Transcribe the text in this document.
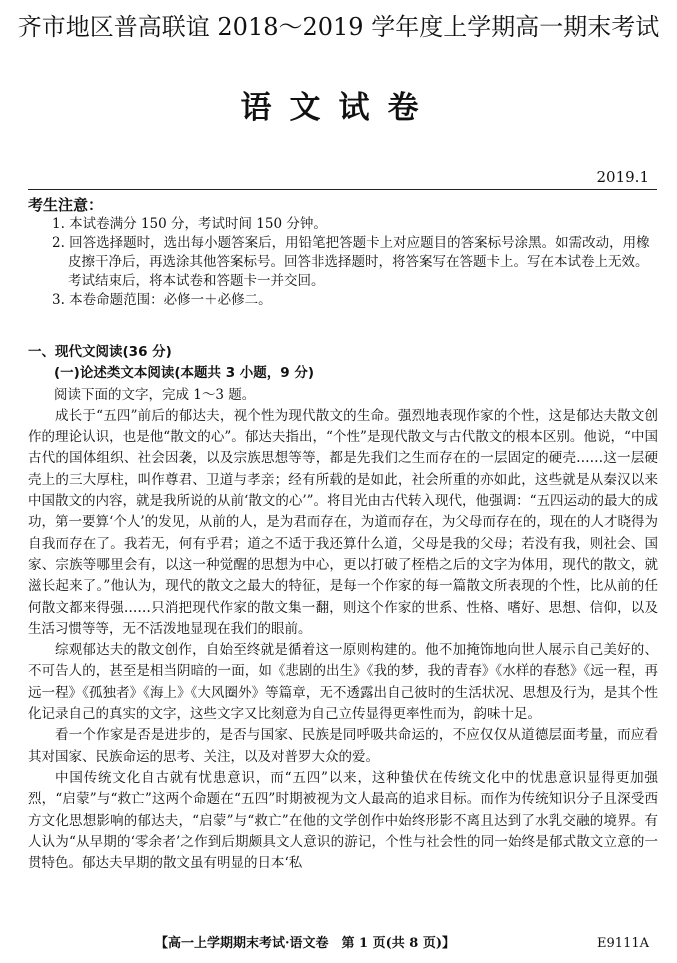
齐市地区普高联谊 2018～2019 学年度上学期高一期末考试
语文试卷
2019.1
考生注意：
1. 本试卷满分 150 分，考试时间 150 分钟。
2. 回答选择题时，选出每小题答案后，用铅笔把答题卡上对应题目的答案标号涂黑。如需改动，用橡皮擦干净后，再选涂其他答案标号。回答非选择题时，将答案写在答题卡上。写在本试卷上无效。考试结束后，将本试卷和答题卡一并交回。
3. 本卷命题范围：必修一＋必修二。
一、现代文阅读(36 分)
(一)论述类文本阅读(本题共 3 小题，9 分)
阅读下面的文字，完成 1～3 题。

成长于“五四”前后的郁达夫，视个性为现代散文的生命。强烈地表现作家的个性，这是郁达夫散文创作的理论认识，也是他“散文的心”。郁达夫指出，“个性”是现代散文与古代散文的根本区别。他说，“中国古代的国体组织、社会因袭，以及宗族思想等等，都是先我们之生而存在的一层固定的硬壳……这一层硬壳上的三大厚柱，叫作尊君、卫道与孝亲；经有所载的是如此，社会所重的亦如此，这些就是从秦汉以来中国散文的内容，就是我所说的从前‘散文的心’”。将目光由古代转入现代，他强调：“五四运动的最大的成功，第一要算‘个人’的发见，从前的人，是为君而存在，为道而存在，为父母而存在的，现在的人才晓得为自我而存在了。我若无，何有乎君；道之不适于我还算什么道，父母是我的父母；若没有我，则社会、国家、宗族等哪里会有，以这一种觉醒的思想为中心，更以打破了桎梏之后的文字为体用，现代的散文，就滋长起来了。”他认为，现代的散文之最大的特征，是每一个作家的每一篇散文所表现的个性，比从前的任何散文都来得强……只消把现代作家的散文集一翻，则这个作家的世系、性格、嗜好、思想、信仰，以及生活习惯等等，无不活泼地显现在我们的眼前。

综观郁达夫的散文创作，自始至终就是循着这一原则构建的。他不加掩饰地向世人展示自己美好的、不可告人的，甚至是相当阴暗的一面，如《悲剧的出生》《我的梦，我的青春》《水样的春愁》《远一程，再远一程》《孤独者》《海上》《大风圈外》等篇章，无不透露出自己彼时的生活状况、思想及行为，是其个性化记录自己的真实的文字，这些文字又比刻意为自己立传显得更率性而为，韵味十足。

看一个作家是否是进步的，是否与国家、民族是同呼吸共命运的，不应仅仅从道德层面考量，而应看其对国家、民族命运的思考、关注，以及对普罗大众的爱。

中国传统文化自古就有忧患意识，而“五四”以来，这种蛰伏在传统文化中的忧患意识显得更加强烈，“启蒙”与“救亡”这两个命题在“五四”时期被视为文人最高的追求目标。而作为传统知识分子且深受西方文化思想影响的郁达夫，“启蒙”与“救亡”在他的文学创作中始终形影不离且达到了水乳交融的境界。有人认为“从早期的‘零余者’之作到后期颇具文人意识的游记，个性与社会性的同一始终是郁式散文立意的一贯特色。郁达夫早期的散文虽有明显的日本‘私

【高一上学期期末考试·语文卷　第 1 页(共 8 页)】	E9111A
